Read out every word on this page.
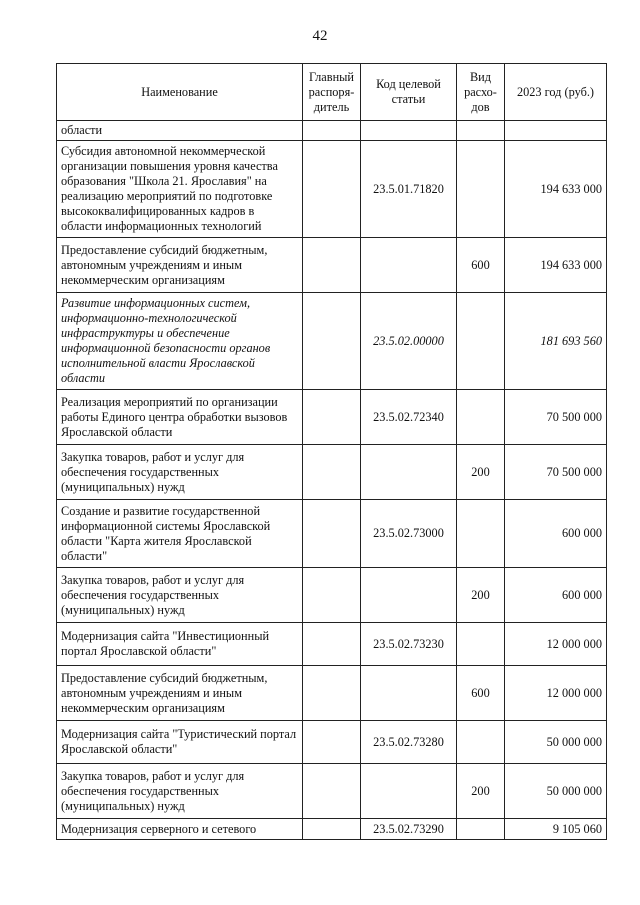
42
Наименование	Главный распоря-дитель	Код целевой статьи	Вид расхо-дов	2023 год (руб.)
области				
Субсидия автономной некоммерческой организации повышения уровня качества образования "Школа 21. Ярославия" на реализацию мероприятий по подготовке высококвалифицированных кадров в области информационных технологий		23.5.01.71820		194 633 000
Предоставление субсидий бюджетным, автономным учреждениям и иным некоммерческим организациям			600	194 633 000
Развитие информационных систем, информационно-технологической инфраструктуры и обеспечение информационной безопасности органов исполнительной власти Ярославской области		23.5.02.00000		181 693 560
Реализация мероприятий по организации работы Единого центра обработки вызовов Ярославской области		23.5.02.72340		70 500 000
Закупка товаров, работ и услуг для обеспечения государственных (муниципальных) нужд			200	70 500 000
Создание и развитие государственной информационной системы Ярославской области "Карта жителя Ярославской области"		23.5.02.73000		600 000
Закупка товаров, работ и услуг для обеспечения государственных (муниципальных) нужд			200	600 000
Модернизация сайта "Инвестиционный портал Ярославской области"		23.5.02.73230		12 000 000
Предоставление субсидий бюджетным, автономным учреждениям и иным некоммерческим организациям			600	12 000 000
Модернизация сайта "Туристический портал Ярославской области"		23.5.02.73280		50 000 000
Закупка товаров, работ и услуг для обеспечения государственных (муниципальных) нужд			200	50 000 000
Модернизация серверного и сетевого		23.5.02.73290		9 105 060
